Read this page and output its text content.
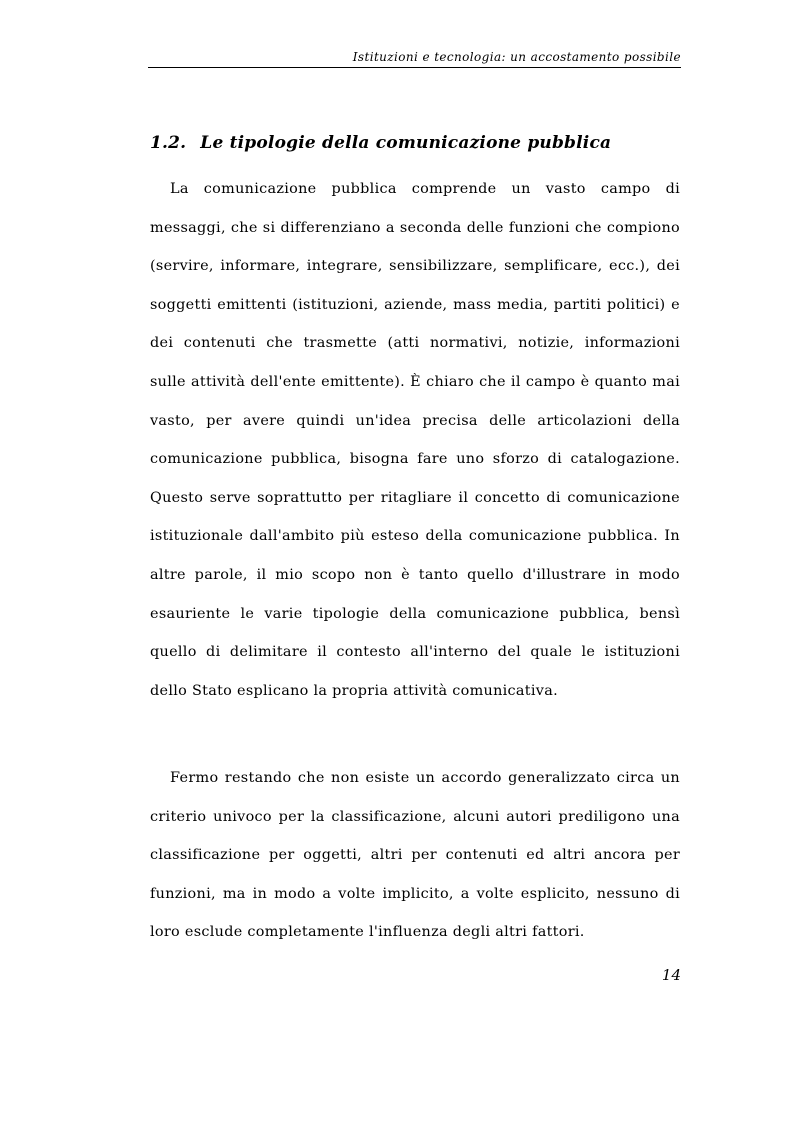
Istituzioni e tecnologia: un accostamento possibile
1.2. Le tipologie della comunicazione pubblica

La comunicazione pubblica comprende un vasto campo di messaggi, che si differenziano a seconda delle funzioni che compiono (servire, informare, integrare, sensibilizzare, semplificare, ecc.), dei soggetti emittenti (istituzioni, aziende, mass media, partiti politici) e dei contenuti che trasmette (atti normativi, notizie, informazioni sulle attività dell'ente emittente). È chiaro che il campo è quanto mai vasto, per avere quindi un'idea precisa delle articolazioni della comunicazione pubblica, bisogna fare uno sforzo di catalogazione. Questo serve soprattutto per ritagliare il concetto di comunicazione istituzionale dall'ambito più esteso della comunicazione pubblica. In altre parole, il mio scopo non è tanto quello d'illustrare in modo esauriente le varie tipologie della comunicazione pubblica, bensì quello di delimitare il contesto all'interno del quale le istituzioni dello Stato esplicano la propria attività comunicativa.

Fermo restando che non esiste un accordo generalizzato circa un criterio univoco per la classificazione, alcuni autori prediligono una classificazione per oggetti, altri per contenuti ed altri ancora per funzioni, ma in modo a volte implicito, a volte esplicito, nessuno di loro esclude completamente l'influenza degli altri fattori.

14
